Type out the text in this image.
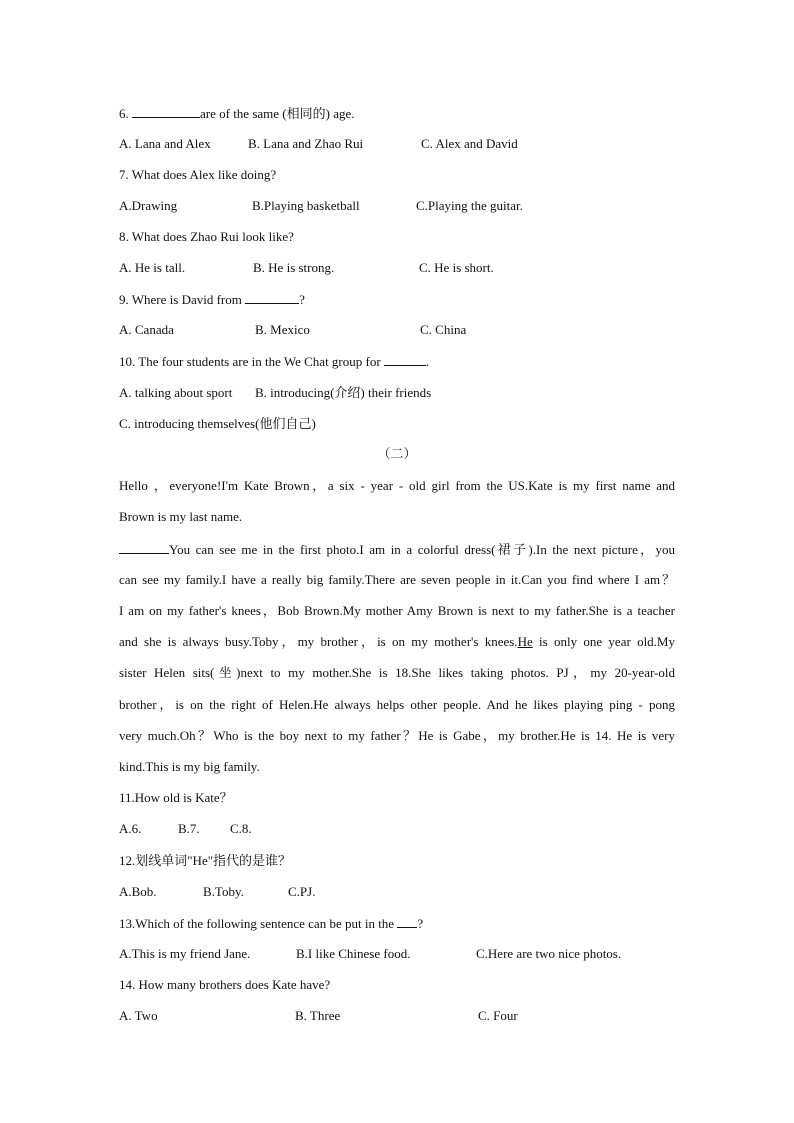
6.	are of the same (相同的) age.
A. Lana and Alex	B. Lana and Zhao Rui	C. Alex and David
7. What does Alex like doing?
A.Drawing	B.Playing basketball	C.Playing the guitar.
8. What does Zhao Rui look like?
A. He is tall.	B. He is strong.	C. He is short.
9. Where is David from	?
A. Canada	B. Mexico	C. China
10. The four students are in the We Chat group for	.
A. talking about sport B. introducing(介绍) their friends
C. introducing themselves(他们自己)
（二）
Hello ，everyone!I'm Kate Brown，a six - year - old girl from the US.Kate is my first name and
Brown is my last name.
You can see me in the first photo.I am in a colorful dress(裙子).In the next picture，you
can see my family.I have a really big family.There are seven people in it.Can you find where I am？
I am on my father's knees，Bob Brown.My mother Amy Brown is next to my father.She is a teacher
and she is always busy.Toby，my brother，is on my mother's knees.He is only one year old.My
sister Helen sits(坐)next to my mother.She is 18.She likes taking photos. PJ，my 20-year-old
brother，is on the right of Helen.He always helps other people. And he likes playing ping - pong
very much.Oh？Who is the boy next to my father？He is Gabe，my brother.He is 14. He is very
kind.This is my big family.
11.How old is Kate？
A.6.	B.7. C.8.
12.划线单词"He"指代的是谁？
A.Bob.	B.Toby.	C.PJ.
13.Which of the following sentence can be put in the ?
A.This is my friend Jane.	B.I like Chinese food.	C.Here are two nice photos.
14. How many brothers does Kate have?
A. Two	B. Three	C. Four
